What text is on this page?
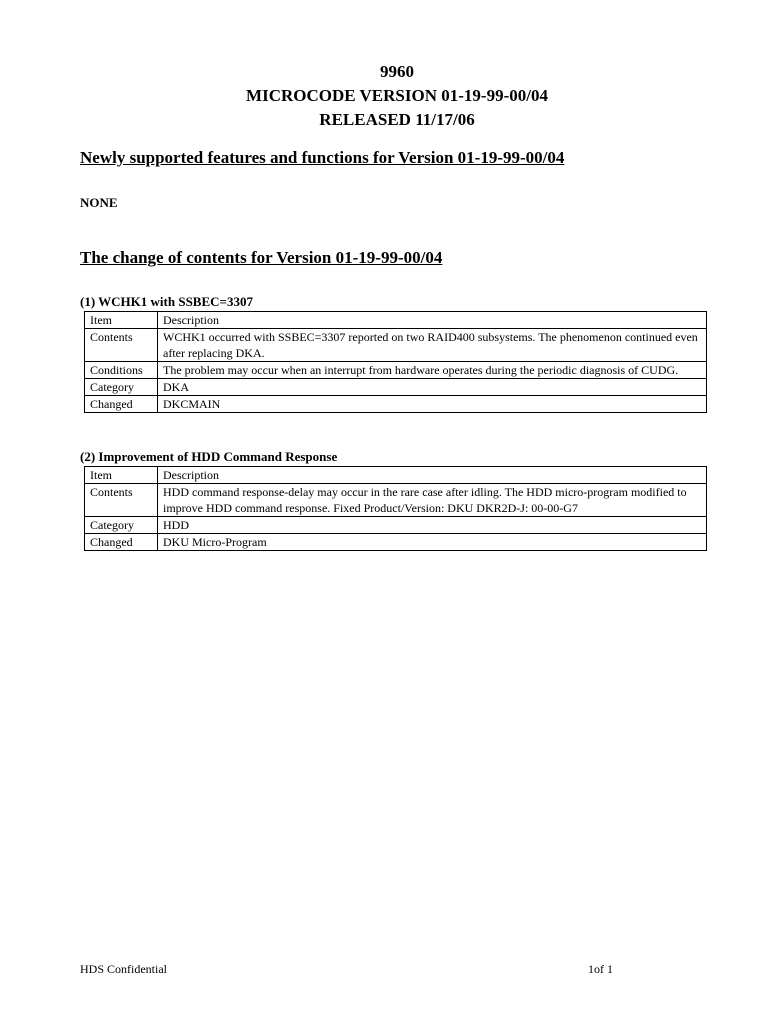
9960
MICROCODE VERSION 01-19-99-00/04
RELEASED 11/17/06
Newly supported features and functions for Version 01-19-99-00/04
NONE
The change of contents for Version 01-19-99-00/04
(1) WCHK1 with SSBEC=3307
Item	Description
Contents	WCHK1 occurred with SSBEC=3307 reported on two RAID400 subsystems. The phenomenon continued even after replacing DKA.
Conditions	The problem may occur when an interrupt from hardware operates during the periodic diagnosis of CUDG.
Category	DKA
Changed	DKCMAIN
(2) Improvement of HDD Command Response
Item	Description
Contents	HDD command response-delay may occur in the rare case after idling. The HDD micro-program modified to improve HDD command response. Fixed Product/Version: DKU DKR2D-J: 00-00-G7
Category	HDD
Changed	DKU Micro-Program
HDS Confidential	1of 1
